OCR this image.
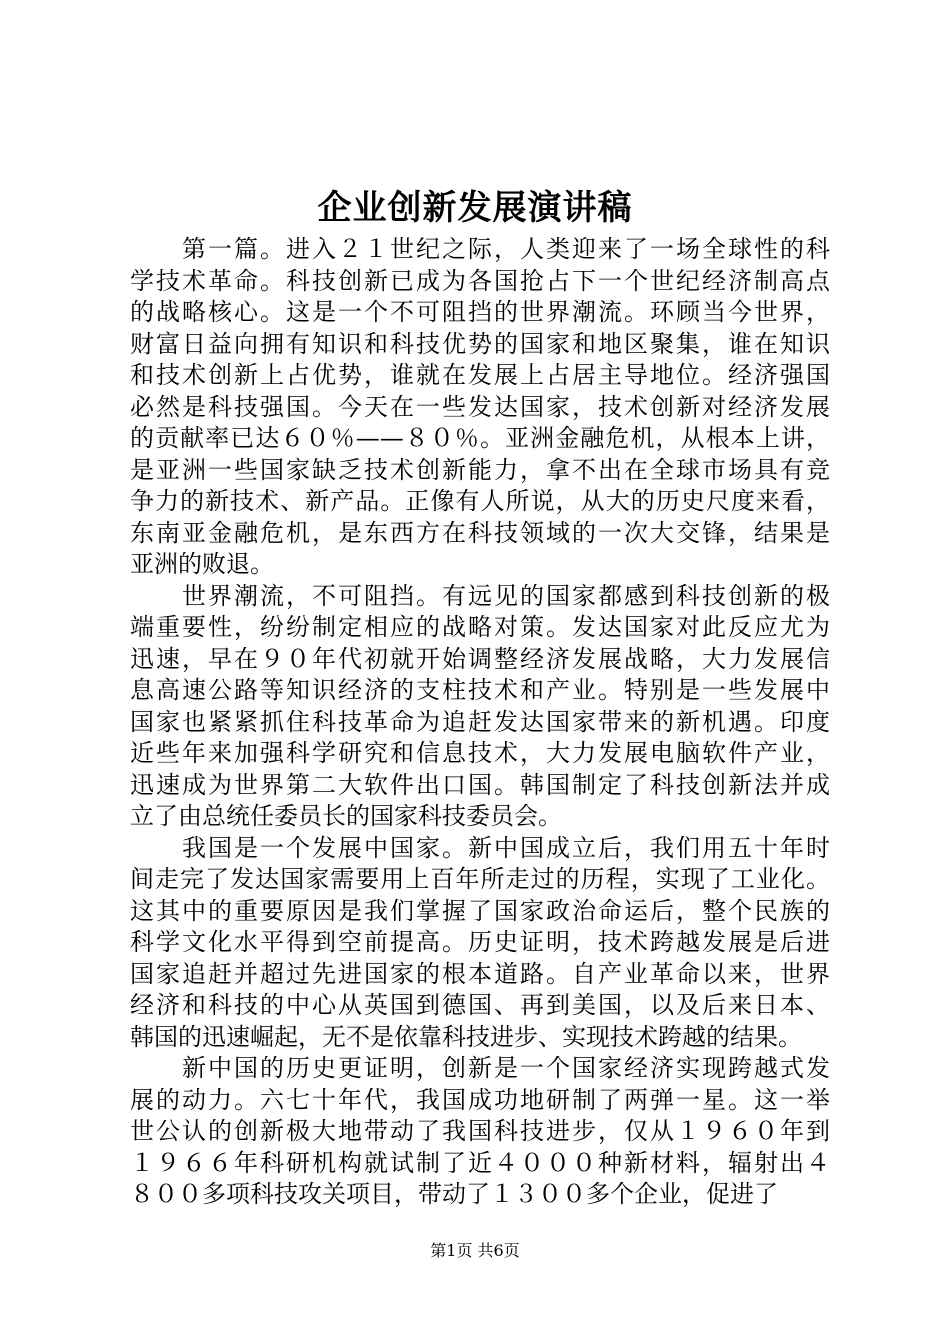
企业创新发展演讲稿
　　第一篇。进入２１世纪之际，人类迎来了一场全球性的科
学技术革命。科技创新已成为各国抢占下一个世纪经济制高点
的战略核心。这是一个不可阻挡的世界潮流。环顾当今世界，
财富日益向拥有知识和科技优势的国家和地区聚集，谁在知识
和技术创新上占优势，谁就在发展上占居主导地位。经济强国
必然是科技强国。今天在一些发达国家，技术创新对经济发展
的贡献率已达６０％——８０％。亚洲金融危机，从根本上讲，
是亚洲一些国家缺乏技术创新能力，拿不出在全球市场具有竞
争力的新技术、新产品。正像有人所说，从大的历史尺度来看，
东南亚金融危机，是东西方在科技领域的一次大交锋，结果是
亚洲的败退。
　　世界潮流，不可阻挡。有远见的国家都感到科技创新的极
端重要性，纷纷制定相应的战略对策。发达国家对此反应尤为
迅速，早在９０年代初就开始调整经济发展战略，大力发展信
息高速公路等知识经济的支柱技术和产业。特别是一些发展中
国家也紧紧抓住科技革命为追赶发达国家带来的新机遇。印度
近些年来加强科学研究和信息技术，大力发展电脑软件产业，
迅速成为世界第二大软件出口国。韩国制定了科技创新法并成
立了由总统任委员长的国家科技委员会。
　　我国是一个发展中国家。新中国成立后，我们用五十年时
间走完了发达国家需要用上百年所走过的历程，实现了工业化。
这其中的重要原因是我们掌握了国家政治命运后，整个民族的
科学文化水平得到空前提高。历史证明，技术跨越发展是后进
国家追赶并超过先进国家的根本道路。自产业革命以来，世界
经济和科技的中心从英国到德国、再到美国，以及后来日本、
韩国的迅速崛起，无不是依靠科技进步、实现技术跨越的结果。
　　新中国的历史更证明，创新是一个国家经济实现跨越式发
展的动力。六七十年代，我国成功地研制了两弹一星。这一举
世公认的创新极大地带动了我国科技进步，仅从１９６０年到
１９６６年科研机构就试制了近４０００种新材料，辐射出４
８００多项科技攻关项目，带动了１３００多个企业，促进了
第1页 共6页
